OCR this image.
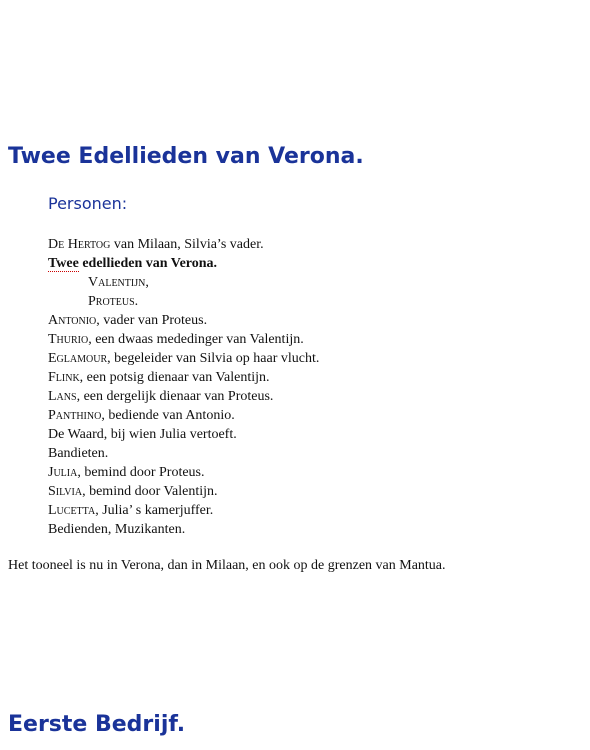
Twee Edellieden van Verona.
Personen:
De Hertog van Milaan, Silvia’s vader.
Twee edellieden van Verona.
Valentijn,
Proteus.
Antonio, vader van Proteus.
Thurio, een dwaas mededinger van Valentijn.
Eglamour, begeleider van Silvia op haar vlucht.
Flink, een potsig dienaar van Valentijn.
Lans, een dergelijk dienaar van Proteus.
Panthino, bediende van Antonio.
De Waard, bij wien Julia vertoeft.
Bandieten.
Julia, bemind door Proteus.
Silvia, bemind door Valentijn.
Lucetta, Julia’ s kamerjuffer.
Bedienden, Muzikanten.

Het tooneel is nu in Verona, dan in Milaan, en ook op de grenzen van Mantua.

Eerste Bedrijf.
